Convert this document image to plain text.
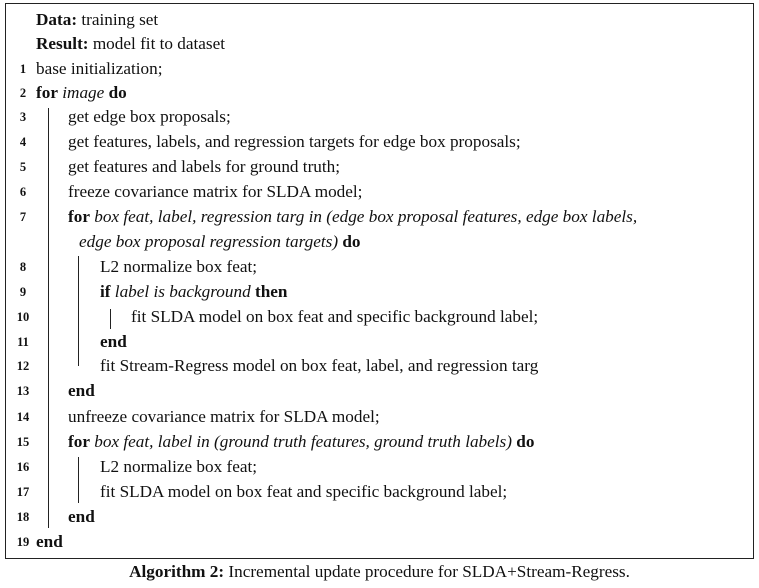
Data: training set
Result: model fit to dataset
1 base initialization;
2 for image do
3	get edge box proposals;
4	get features, labels, and regression targets for edge box proposals;
5	get features and labels for ground truth;
6	freeze covariance matrix for SLDA model;
7	for box feat, label, regression targ in (edge box proposal features, edge box labels,
edge box proposal regression targets) do
8	L2 normalize box feat;
9	if label is background then
10	fit SLDA model on box feat and specific background label;
11	end
12	fit Stream-Regress model on box feat, label, and regression targ
13 end
14 unfreeze covariance matrix for SLDA model;
15 for box feat, label in (ground truth features, ground truth labels) do
16	L2 normalize box feat;
17	fit SLDA model on box feat and specific background label;
18 end
19 end
Algorithm 2: Incremental update procedure for SLDA+Stream-Regress.
